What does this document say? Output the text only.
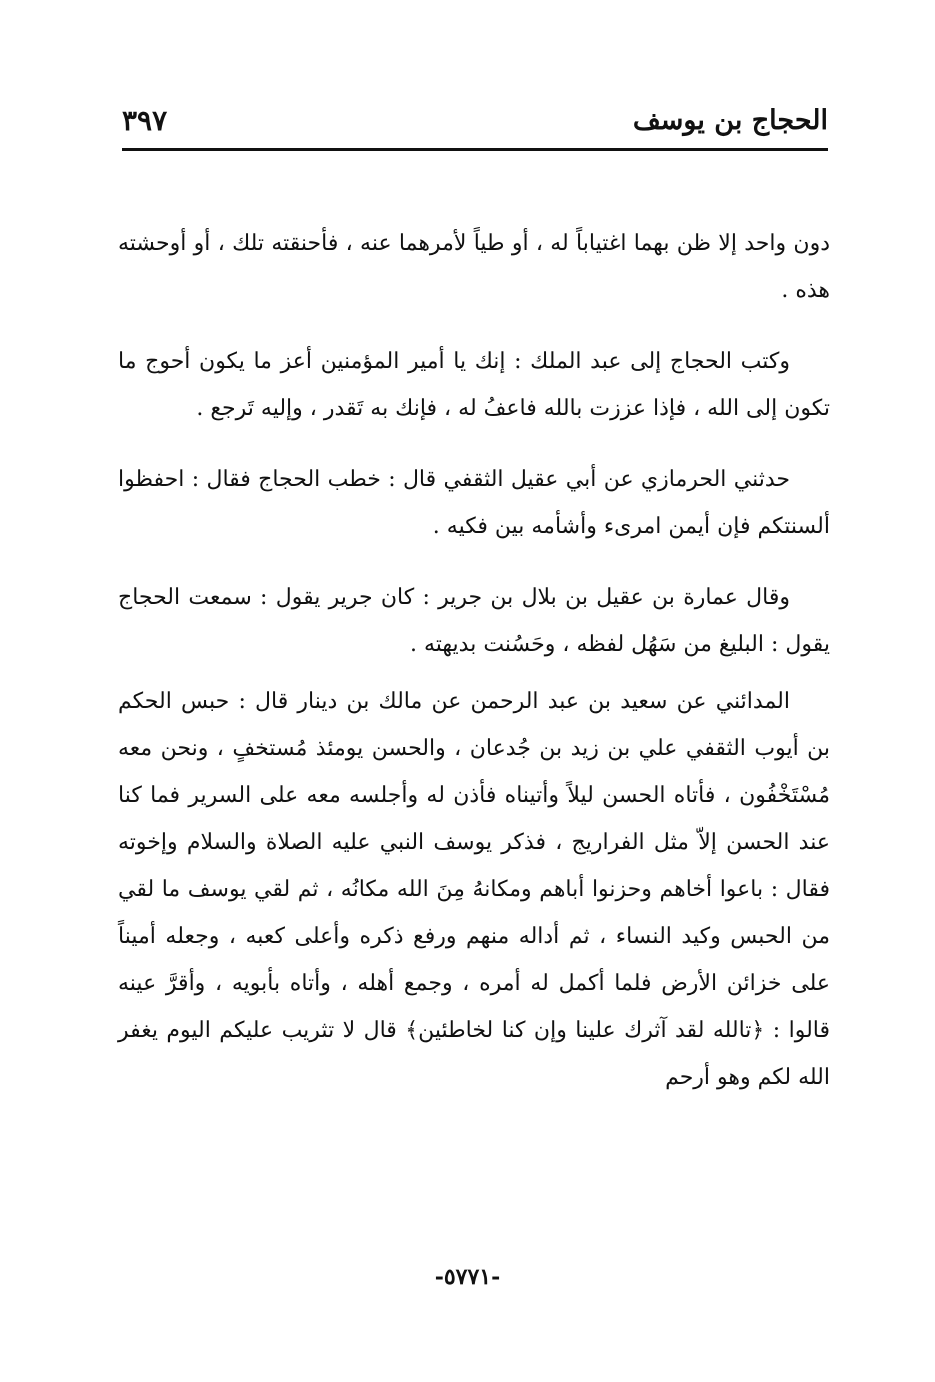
الحجاج بن يوسف
٣٩٧

دون واحد إلا ظن بهما اغتياباً له ، أو طياً لأمرهما عنه ، فأحنقته تلك ، أو أوحشته هذه .

وكتب الحجاج إلى عبد الملك : إنك يا أمير المؤمنين أعز ما يكون أحوج ما تكون إلى الله ، فإذا عززت بالله فاعفُ له ، فإنك به تَقدر ، وإليه تَرجع .

حدثني الحرمازي عن أبي عقيل الثقفي قال : خطب الحجاج فقال : احفظوا ألسنتكم فإن أيمن امرىء وأشأمه بين فكيه .

وقال عمارة بن عقيل بن بلال بن جرير : كان جرير يقول : سمعت الحجاج يقول : البليغ من سَهُل لفظه ، وحَسُنت بديهته .

المدائني عن سعيد بن عبد الرحمن عن مالك بن دينار قال : حبس الحكم بن أيوب الثقفي علي بن زيد بن جُدعان ، والحسن يومئذ مُستخفٍ ، ونحن معه مُسْتَخْفُون ، فأتاه الحسن ليلاً وأتيناه فأذن له وأجلسه معه على السرير فما كنا عند الحسن إلاّ مثل الفراريج ، فذكر يوسف النبي عليه الصلاة والسلام وإخوته فقال : باعوا أخاهم وحزنوا أباهم ومكانهُ مِنَ الله مكانُه ، ثم لقي يوسف ما لقي من الحبس وكيد النساء ، ثم أداله منهم ورفع ذكره وأعلى كعبه ، وجعله أميناً على خزائن الأرض فلما أكمل له أمره ، وجمع أهله ، وأتاه بأبويه ، وأقرَّ عينه قالوا : ﴿تالله لقد آثرك علينا وإن كنا لخاطئين﴾ قال لا تثريب عليكم اليوم يغفر الله لكم وهو أرحم

-٥٧٧١-
